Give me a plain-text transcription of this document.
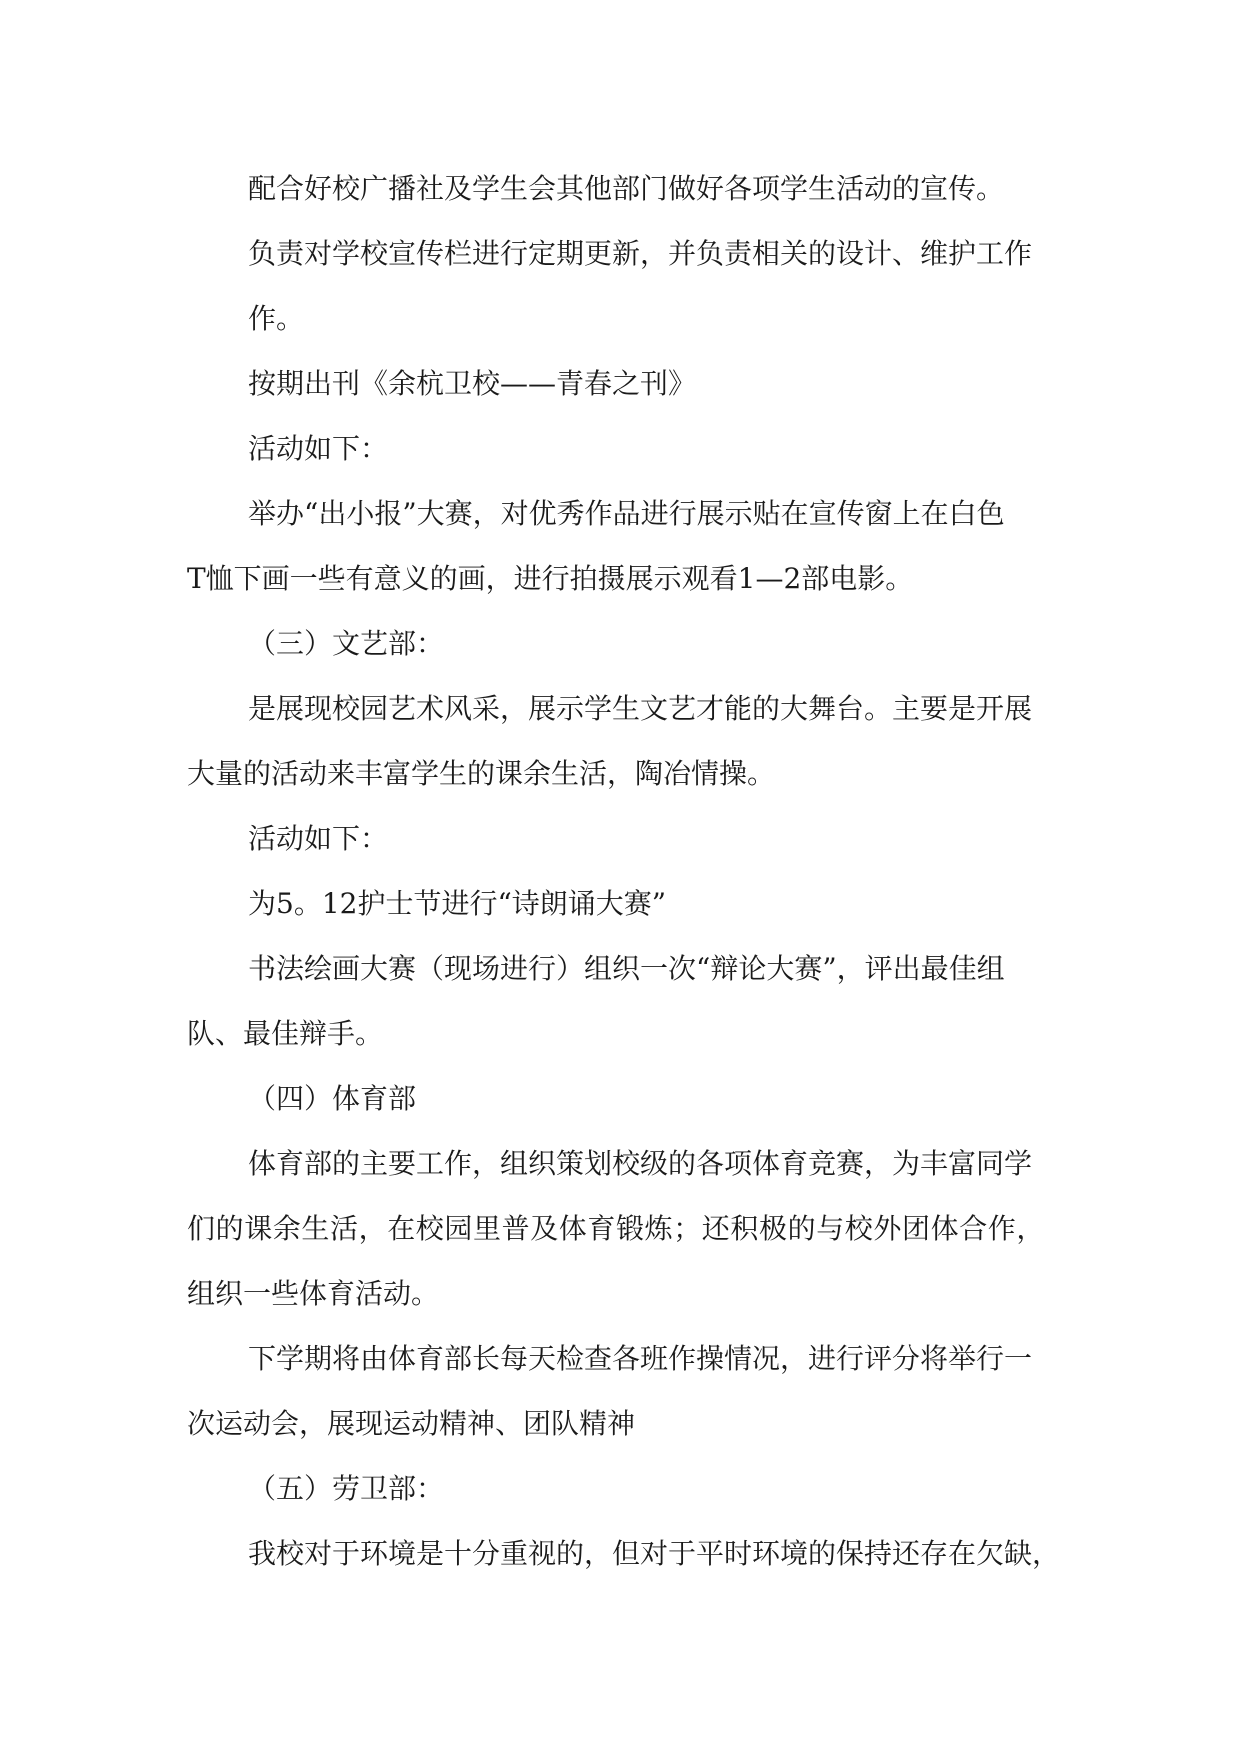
配合好校广播社及学生会其他部门做好各项学生活动的宣传。

负责对学校宣传栏进行定期更新，并负责相关的设计、维护工作

作。

按期出刊《余杭卫校——青春之刊》

活动如下：

举办“出小报”大赛，对优秀作品进行展示贴在宣传窗上在白色

T恤下画一些有意义的画，进行拍摄展示观看1—2部电影。

（三）文艺部：

是展现校园艺术风采，展示学生文艺才能的大舞台。主要是开展

大量的活动来丰富学生的课余生活，陶冶情操。

活动如下：

为5。12护士节进行“诗朗诵大赛”

书法绘画大赛（现场进行）组织一次“辩论大赛”，评出最佳组

队、最佳辩手。

（四）体育部

体育部的主要工作，组织策划校级的各项体育竞赛，为丰富同学

们的课余生活，在校园里普及体育锻炼；还积极的与校外团体合作，

组织一些体育活动。

下学期将由体育部长每天检查各班作操情况，进行评分将举行一

次运动会，展现运动精神、团队精神

（五）劳卫部：

我校对于环境是十分重视的，但对于平时环境的保持还存在欠缺，
